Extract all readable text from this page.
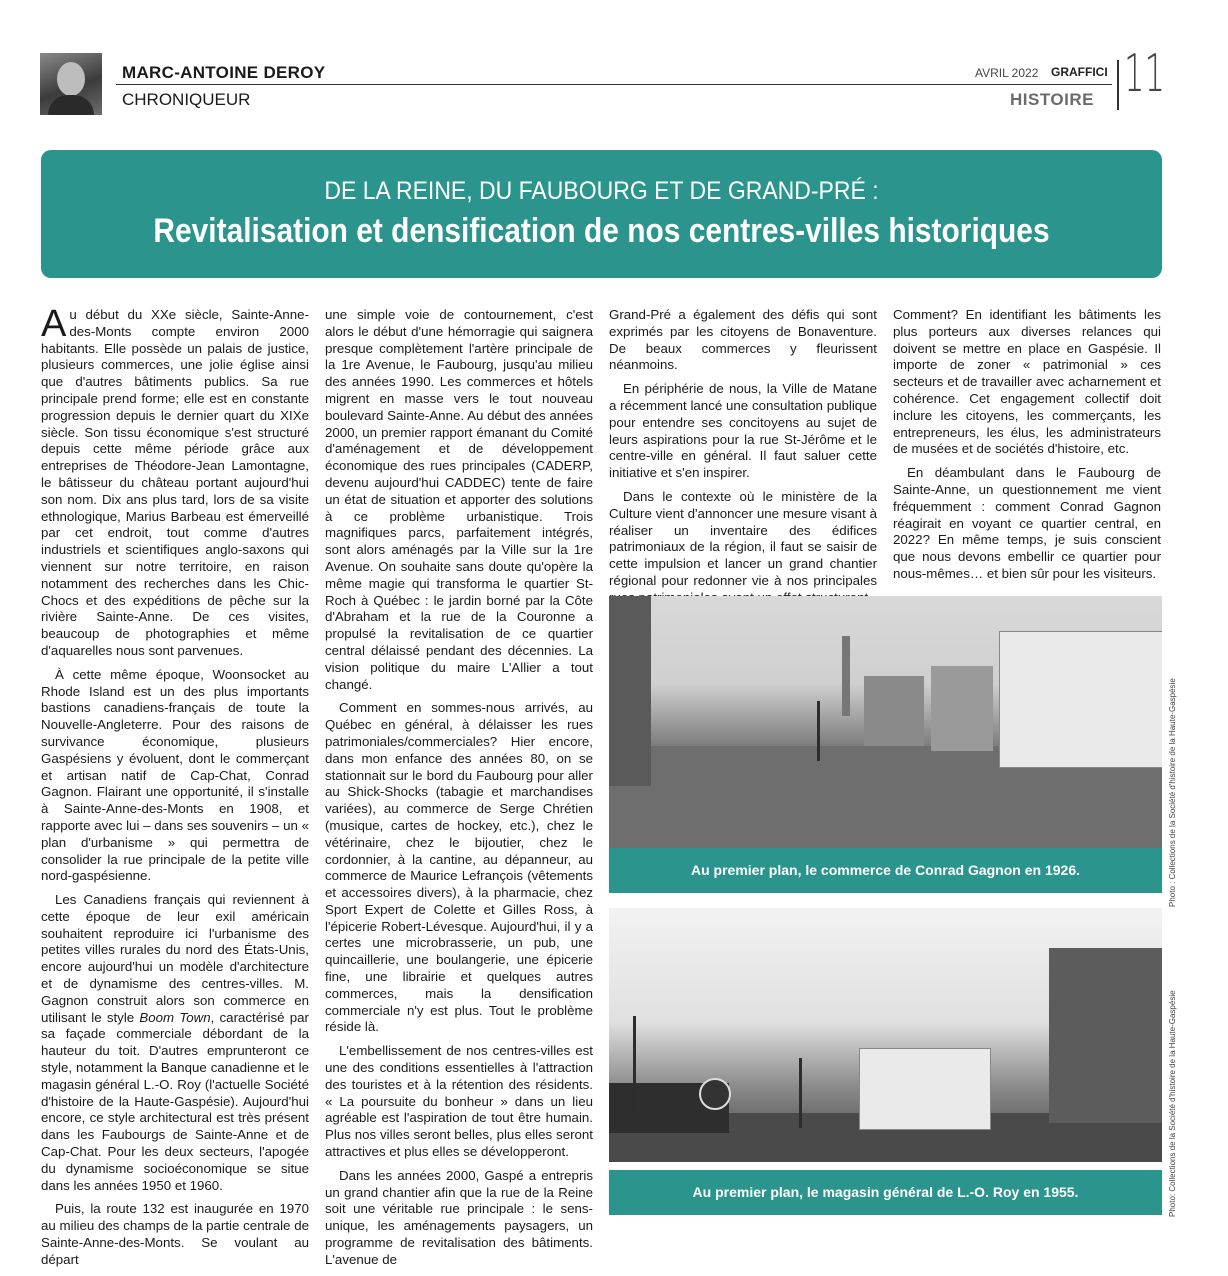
MARC-ANTOINE DEROY
CHRONIQUEUR
AVRIL 2022 GRAFFICI
HISTOIRE 11
DE LA REINE, DU FAUBOURG ET DE GRAND-PRÉ :
Revitalisation et densification de nos centres-villes historiques

Au début du XXe siècle, Sainte-Anne-des-Monts compte environ 2000 habitants. Elle possède un palais de justice, plusieurs commerces, une jolie église ainsi que d'autres bâtiments publics. Sa rue principale prend forme; elle est en constante progression depuis le dernier quart du XIXe siècle. Son tissu économique s'est structuré depuis cette même période grâce aux entreprises de Théodore-Jean Lamontagne, le bâtisseur du château portant aujourd'hui son nom. Dix ans plus tard, lors de sa visite ethnologique, Marius Barbeau est émerveillé par cet endroit, tout comme d'autres industriels et scientifiques anglo-saxons qui viennent sur notre territoire, en raison notamment des recherches dans les Chic-Chocs et des expéditions de pêche sur la rivière Sainte-Anne. De ces visites, beaucoup de photographies et même d'aquarelles nous sont parvenues.

À cette même époque, Woonsocket au Rhode Island est un des plus importants bastions canadiens-français de toute la Nouvelle-Angleterre. Pour des raisons de survivance économique, plusieurs Gaspésiens y évoluent, dont le commerçant et artisan natif de Cap-Chat, Conrad Gagnon. Flairant une opportunité, il s'installe à Sainte-Anne-des-Monts en 1908, et rapporte avec lui – dans ses souvenirs – un « plan d'urbanisme » qui permettra de consolider la rue principale de la petite ville nord-gaspésienne.

Les Canadiens français qui reviennent à cette époque de leur exil américain souhaitent reproduire ici l'urbanisme des petites villes rurales du nord des États-Unis, encore aujourd'hui un modèle d'architecture et de dynamisme des centres-villes. M. Gagnon construit alors son commerce en utilisant le style Boom Town, caractérisé par sa façade commerciale débordant de la hauteur du toit. D'autres emprunteront ce style, notamment la Banque canadienne et le magasin général L.-O. Roy (l'actuelle Société d'histoire de la Haute-Gaspésie). Aujourd'hui encore, ce style architectural est très présent dans les Faubourgs de Sainte-Anne et de Cap-Chat. Pour les deux secteurs, l'apogée du dynamisme socioéconomique se situe dans les années 1950 et 1960.

Puis, la route 132 est inaugurée en 1970 au milieu des champs de la partie centrale de Sainte-Anne-des-Monts. Se voulant au départ

une simple voie de contournement, c'est alors le début d'une hémorragie qui saignera presque complètement l'artère principale de la 1re Avenue, le Faubourg, jusqu'au milieu des années 1990. Les commerces et hôtels migrent en masse vers le tout nouveau boulevard Sainte-Anne. Au début des années 2000, un premier rapport émanant du Comité d'aménagement et de développement économique des rues principales (CADERP, devenu aujourd'hui CADDEC) tente de faire un état de situation et apporter des solutions à ce problème urbanistique. Trois magnifiques parcs, parfaitement intégrés, sont alors aménagés par la Ville sur la 1re Avenue. On souhaite sans doute qu'opère la même magie qui transforma le quartier St-Roch à Québec : le jardin borné par la Côte d'Abraham et la rue de la Couronne a propulsé la revitalisation de ce quartier central délaissé pendant des décennies. La vision politique du maire L'Allier a tout changé.

Comment en sommes-nous arrivés, au Québec en général, à délaisser les rues patrimoniales/commerciales? Hier encore, dans mon enfance des années 80, on se stationnait sur le bord du Faubourg pour aller au Shick-Shocks (tabagie et marchandises variées), au commerce de Serge Chrétien (musique, cartes de hockey, etc.), chez le vétérinaire, chez le bijoutier, chez le cordonnier, à la cantine, au dépanneur, au commerce de Maurice Lefrançois (vêtements et accessoires divers), à la pharmacie, chez Sport Expert de Colette et Gilles Ross, à l'épicerie Robert-Lévesque. Aujourd'hui, il y a certes une microbrasserie, un pub, une quincaillerie, une boulangerie, une épicerie fine, une librairie et quelques autres commerces, mais la densification commerciale n'y est plus. Tout le problème réside là.

L'embellissement de nos centres-villes est une des conditions essentielles à l'attraction des touristes et à la rétention des résidents. « La poursuite du bonheur » dans un lieu agréable est l'aspiration de tout être humain. Plus nos villes seront belles, plus elles seront attractives et plus elles se développeront.

Dans les années 2000, Gaspé a entrepris un grand chantier afin que la rue de la Reine soit une véritable rue principale : le sens-unique, les aménagements paysagers, un programme de revitalisation des bâtiments. L'avenue de

Grand-Pré a également des défis qui sont exprimés par les citoyens de Bonaventure. De beaux commerces y fleurissent néanmoins.

En périphérie de nous, la Ville de Matane a récemment lancé une consultation publique pour entendre ses concitoyens au sujet de leurs aspirations pour la rue St-Jérôme et le centre-ville en général. Il faut saluer cette initiative et s'en inspirer.

Dans le contexte où le ministère de la Culture vient d'annoncer une mesure visant à réaliser un inventaire des édifices patrimoniaux de la région, il faut se saisir de cette impulsion et lancer un grand chantier régional pour redonner vie à nos principales

Comment? En identifiant les bâtiments les plus porteurs aux diverses relances qui doivent se mettre en place en Gaspésie. Il importe de zoner « patrimonial » ces secteurs et de travailler avec acharnement et cohérence. Cet engagement collectif doit inclure les citoyens, les commerçants, les entrepreneurs, les élus, les administrateurs de musées et de sociétés d'histoire, etc.

En déambulant dans le Faubourg de Sainte-Anne, un questionnement me vient fréquemment : comment Conrad Gagnon réagirait en voyant ce quartier central, en 2022? En même temps, je suis conscient que nous devons embellir ce quartier pour nous-mêmes… et bien sûr pour les visiteurs.

Au premier plan, le commerce de Conrad Gagnon en 1926.	Photo : Collections de la Société d'histoire de la Haute-Gaspésie
Au premier plan, le magasin général de L.-O. Roy en 1955.	Photo: Collections de la Société d'histoire de la Haute-Gaspésie
